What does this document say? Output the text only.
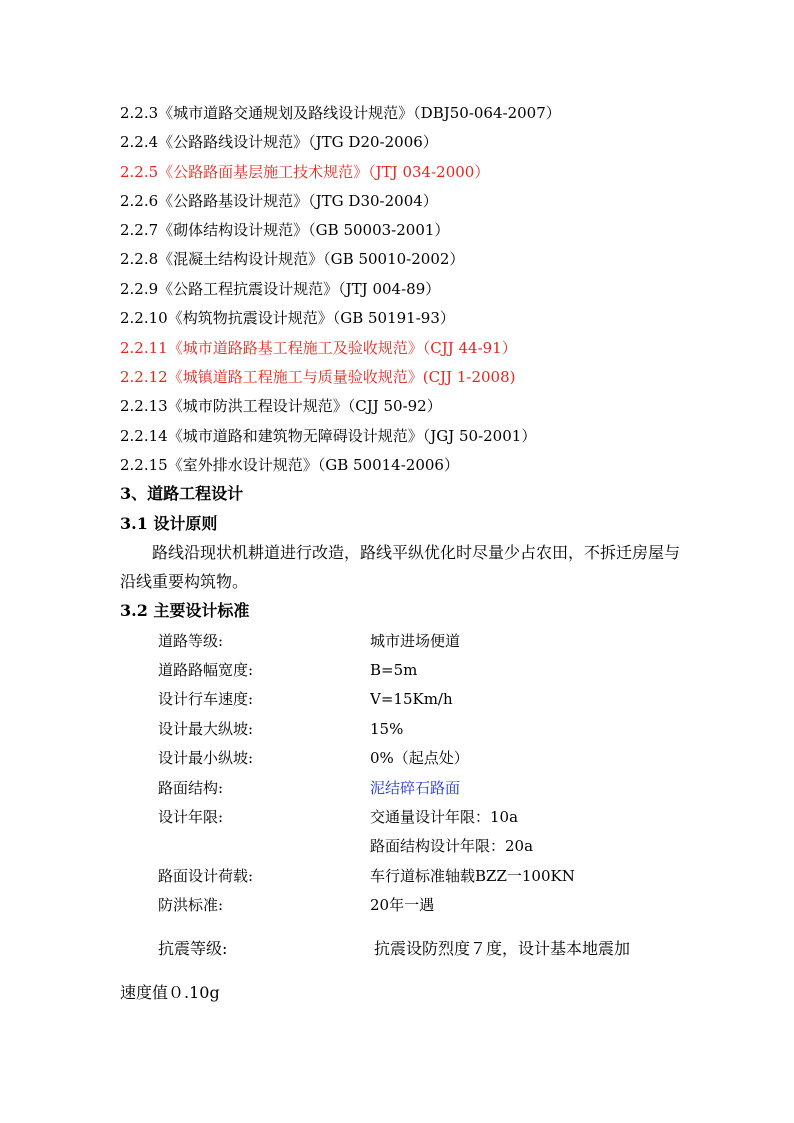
2.2.3《城市道路交通规划及路线设计规范》（DBJ50-064-2007）
2.2.4《公路路线设计规范》（JTG D20-2006）
2.2.5《公路路面基层施工技术规范》（JTJ 034-2000）
2.2.6《公路路基设计规范》（JTG D30-2004）
2.2.7《砌体结构设计规范》（GB 50003-2001）
2.2.8《混凝土结构设计规范》（GB 50010-2002）
2.2.9《公路工程抗震设计规范》（JTJ 004-89）
2.2.10《构筑物抗震设计规范》（GB 50191-93）
2.2.11《城市道路路基工程施工及验收规范》（CJJ 44-91）
2.2.12《城镇道路工程施工与质量验收规范》(CJJ 1-2008)
2.2.13《城市防洪工程设计规范》（CJJ 50-92）
2.2.14《城市道路和建筑物无障碍设计规范》（JGJ 50-2001）
2.2.15《室外排水设计规范》（GB 50014-2006）
3、道路工程设计
3.1 设计原则
路线沿现状机耕道进行改造，路线平纵优化时尽量少占农田，不拆迁房屋与沿线重要构筑物。
3.2 主要设计标准
道路等级:	城市进场便道
道路路幅宽度:	B=5m
设计行车速度:	V=15Km/h
设计最大纵坡:	15%
设计最小纵坡:	0%（起点处）
路面结构:	泥结碎石路面
设计年限:	交通量设计年限：10a
路面结构设计年限：20a
路面设计荷载:	车行道标准轴载BZZ一100KN
防洪标准:	20年一遇
抗震等级:	抗震设防烈度７度，设计基本地震加
速度值０.10g
